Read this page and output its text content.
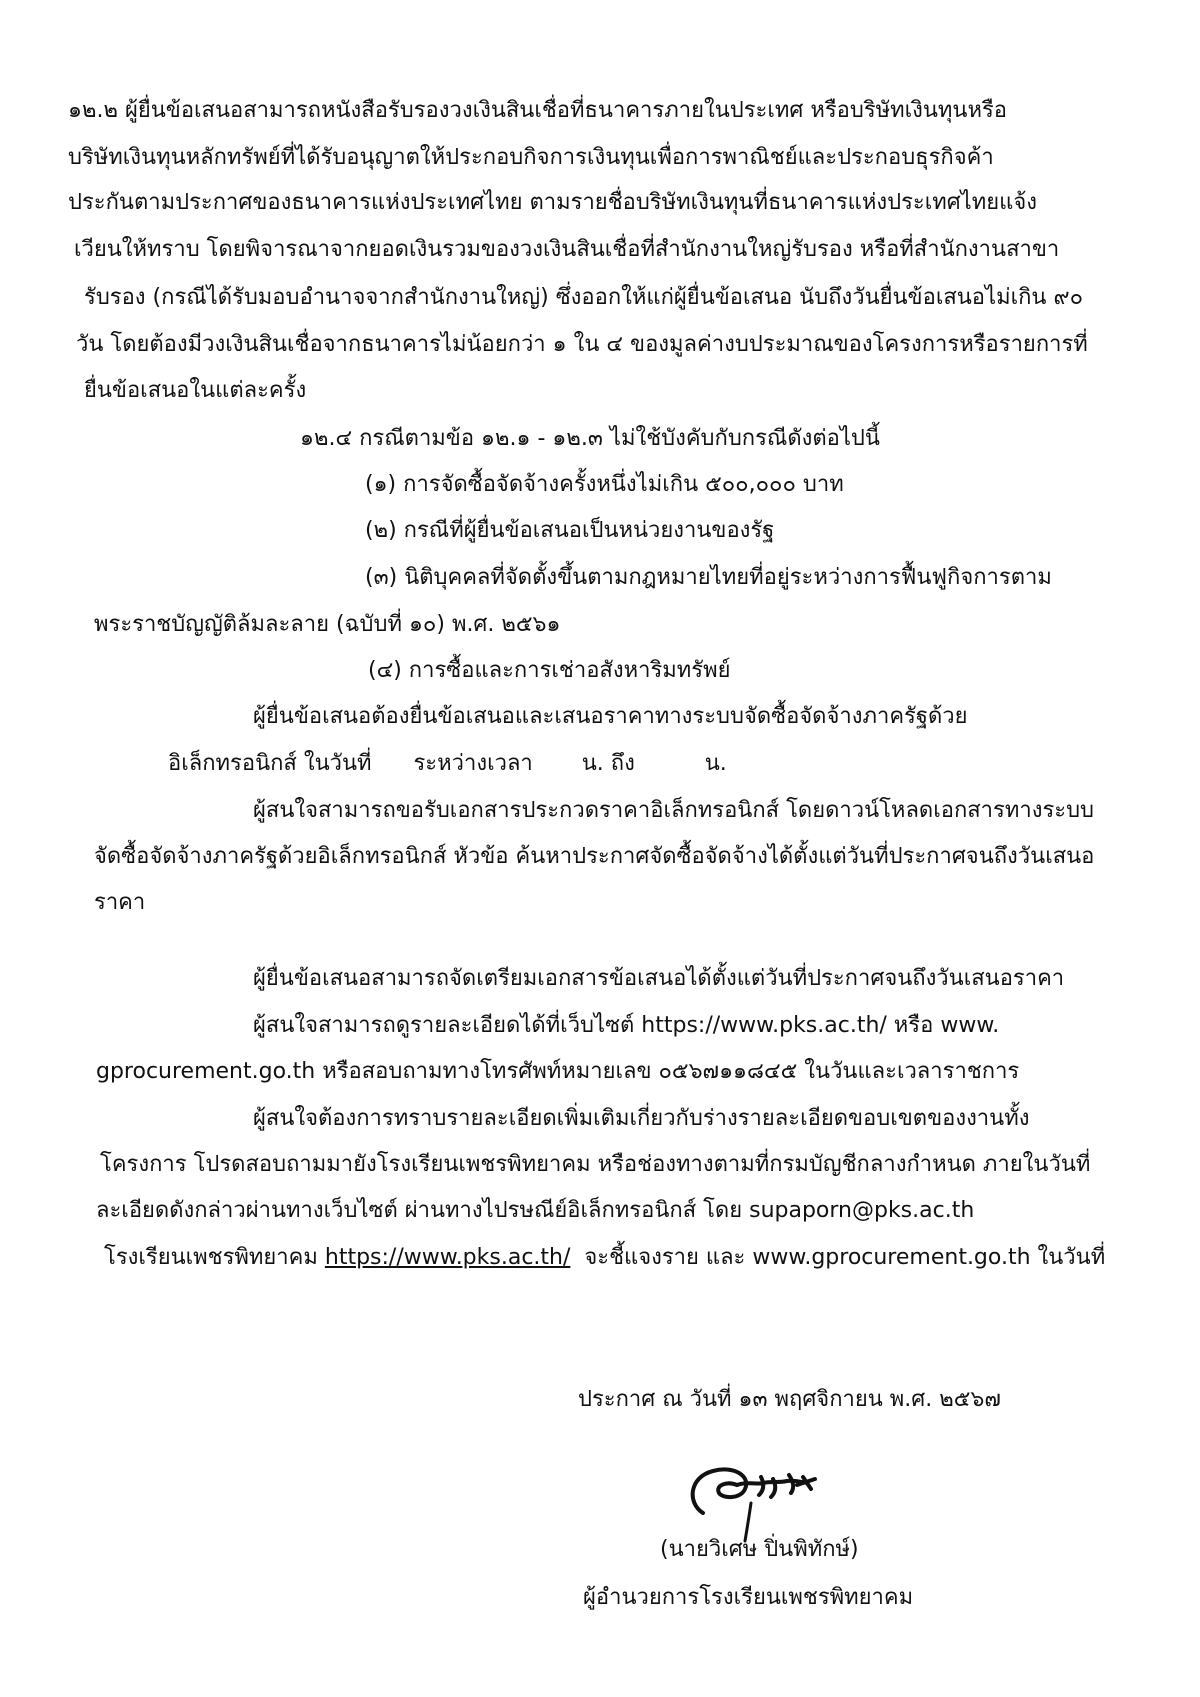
๑๒.๒ ผู้ยื่นข้อเสนอสามารถหนังสือรับรองวงเงินสินเชื่อที่ธนาคารภายในประเทศ หรือบริษัทเงินทุนหรือ
บริษัทเงินทุนหลักทรัพย์ที่ได้รับอนุญาตให้ประกอบกิจการเงินทุนเพื่อการพาณิชย์และประกอบธุรกิจค้า
ประกันตามประกาศของธนาคารแห่งประเทศไทย ตามรายชื่อบริษัทเงินทุนที่ธนาคารแห่งประเทศไทยแจ้ง
เวียนให้ทราบ โดยพิจารณาจากยอดเงินรวมของวงเงินสินเชื่อที่สำนักงานใหญ่รับรอง หรือที่สำนักงานสาขา
รับรอง (กรณีได้รับมอบอำนาจจากสำนักงานใหญ่) ซึ่งออกให้แก่ผู้ยื่นข้อเสนอ นับถึงวันยื่นข้อเสนอไม่เกิน ๙๐
วัน โดยต้องมีวงเงินสินเชื่อจากธนาคารไม่น้อยกว่า ๑ ใน ๔ ของมูลค่างบประมาณของโครงการหรือรายการที่
ยื่นข้อเสนอในแต่ละครั้ง
๑๒.๔ กรณีตามข้อ ๑๒.๑ - ๑๒.๓ ไม่ใช้บังคับกับกรณีดังต่อไปนี้
(๑) การจัดซื้อจัดจ้างครั้งหนึ่งไม่เกิน ๕๐๐,๐๐๐ บาท
(๒) กรณีที่ผู้ยื่นข้อเสนอเป็นหน่วยงานของรัฐ
(๓) นิติบุคคลที่จัดตั้งขึ้นตามกฎหมายไทยที่อยู่ระหว่างการฟื้นฟูกิจการตาม
พระราชบัญญัติล้มละลาย (ฉบับที่ ๑๐) พ.ศ. ๒๕๖๑
(๔) การซื้อและการเช่าอสังหาริมทรัพย์
ผู้ยื่นข้อเสนอต้องยื่นข้อเสนอและเสนอราคาทางระบบจัดซื้อจัดจ้างภาครัฐด้วย
อิเล็กทรอนิกส์ ในวันที่      ระหว่างเวลา       น. ถึง          น.
ผู้สนใจสามารถขอรับเอกสารประกวดราคาอิเล็กทรอนิกส์ โดยดาวน์โหลดเอกสารทางระบบ
จัดซื้อจัดจ้างภาครัฐด้วยอิเล็กทรอนิกส์ หัวข้อ ค้นหาประกาศจัดซื้อจัดจ้างได้ตั้งแต่วันที่ประกาศจนถึงวันเสนอ
ราคา
ผู้ยื่นข้อเสนอสามารถจัดเตรียมเอกสารข้อเสนอได้ตั้งแต่วันที่ประกาศจนถึงวันเสนอราคา
ผู้สนใจสามารถดูรายละเอียดได้ที่เว็บไซต์ https://www.pks.ac.th/ หรือ www.
gprocurement.go.th หรือสอบถามทางโทรศัพท์หมายเลข ๐๕๖๗๑๑๘๔๕ ในวันและเวลาราชการ
ผู้สนใจต้องการทราบรายละเอียดเพิ่มเติมเกี่ยวกับร่างรายละเอียดขอบเขตของงานทั้ง
โครงการ โปรดสอบถามมายังโรงเรียนเพชรพิทยาคม หรือช่องทางตามที่กรมบัญชีกลางกำหนด ภายในวันที่
ละเอียดดังกล่าวผ่านทางเว็บไซต์ ผ่านทางไปรษณีย์อิเล็กทรอนิกส์ โดย supaporn@pks.ac.th
โรงเรียนเพชรพิทยาคม https://www.pks.ac.th/  จะชี้แจงราย และ www.gprocurement.go.th ในวันที่
ประกาศ ณ วันที่ ๑๓ พฤศจิกายน พ.ศ. ๒๕๖๗
(นายวิเศษ ปิ่นพิทักษ์)
ผู้อำนวยการโรงเรียนเพชรพิทยาคม
